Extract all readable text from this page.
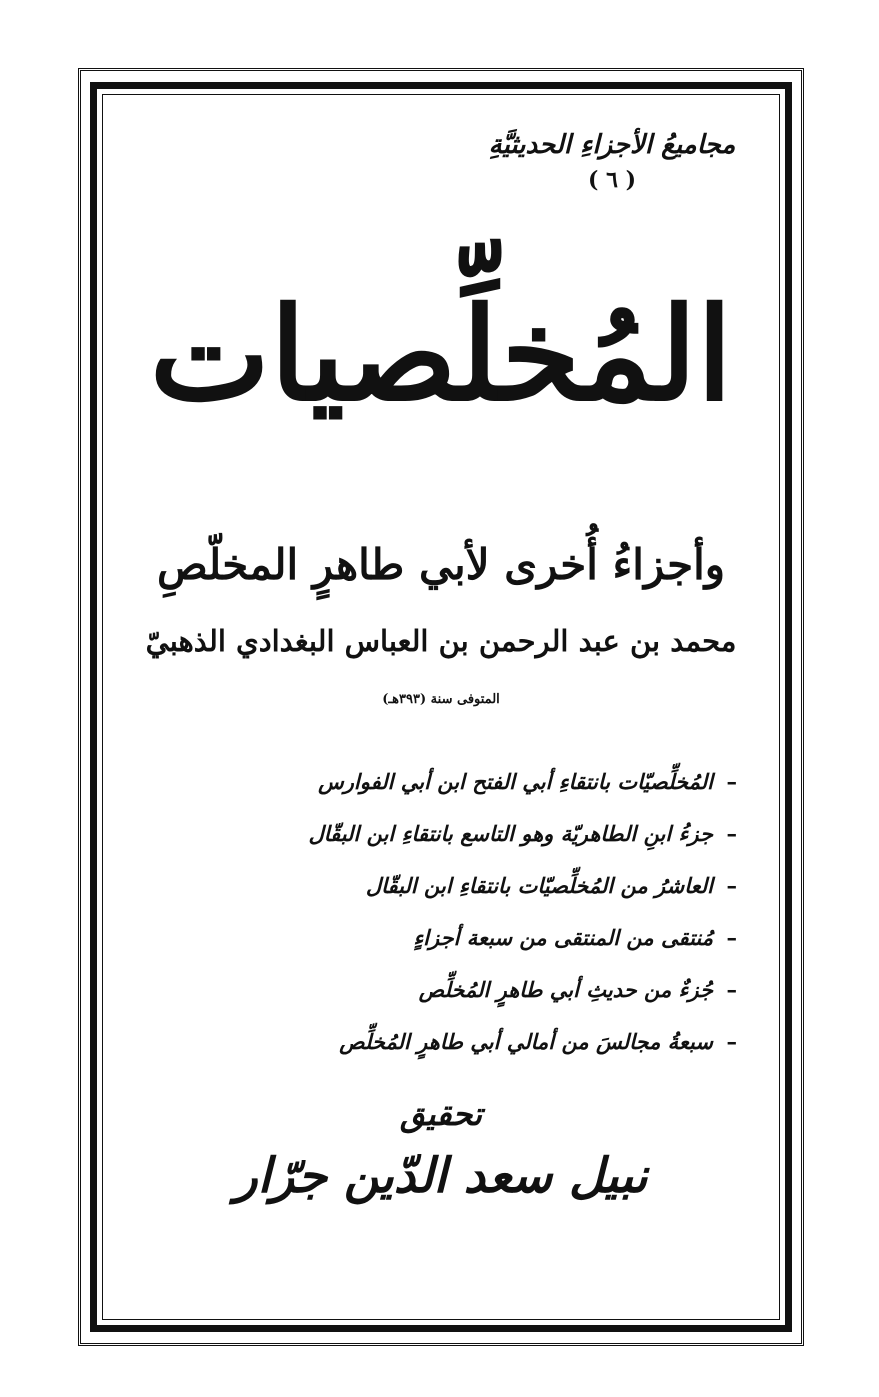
مجاميعُ الأجزاءِ الحديثيَّةِ
( ٦ )
المُخلِّصيات
وأجزاءُ أُخرى لأبي طاهرٍ المخلّصِ
محمد بن عبد الرحمن بن العباس البغدادي الذهبيّ
المتوفى سنة (٣٩٣هـ)
–
المُخلِّصيّات بانتقاءِ أبي الفتح ابن أبي الفوارس
–
جزءُ ابنِ الطاهريّة وهو التاسع بانتقاءِ ابن البقّال
–
العاشرُ من المُخلِّصيّات بانتقاءِ ابن البقّال
–
مُنتقى من المنتقى من سبعة أجزاءٍ
–
جُزءٌ من حديثِ أبي طاهرٍ المُخلِّص
–
سبعةُ مجالسَ من أمالي أبي طاهرٍ المُخلِّص
تحقيق
نبيل سعد الدّين جرّار
